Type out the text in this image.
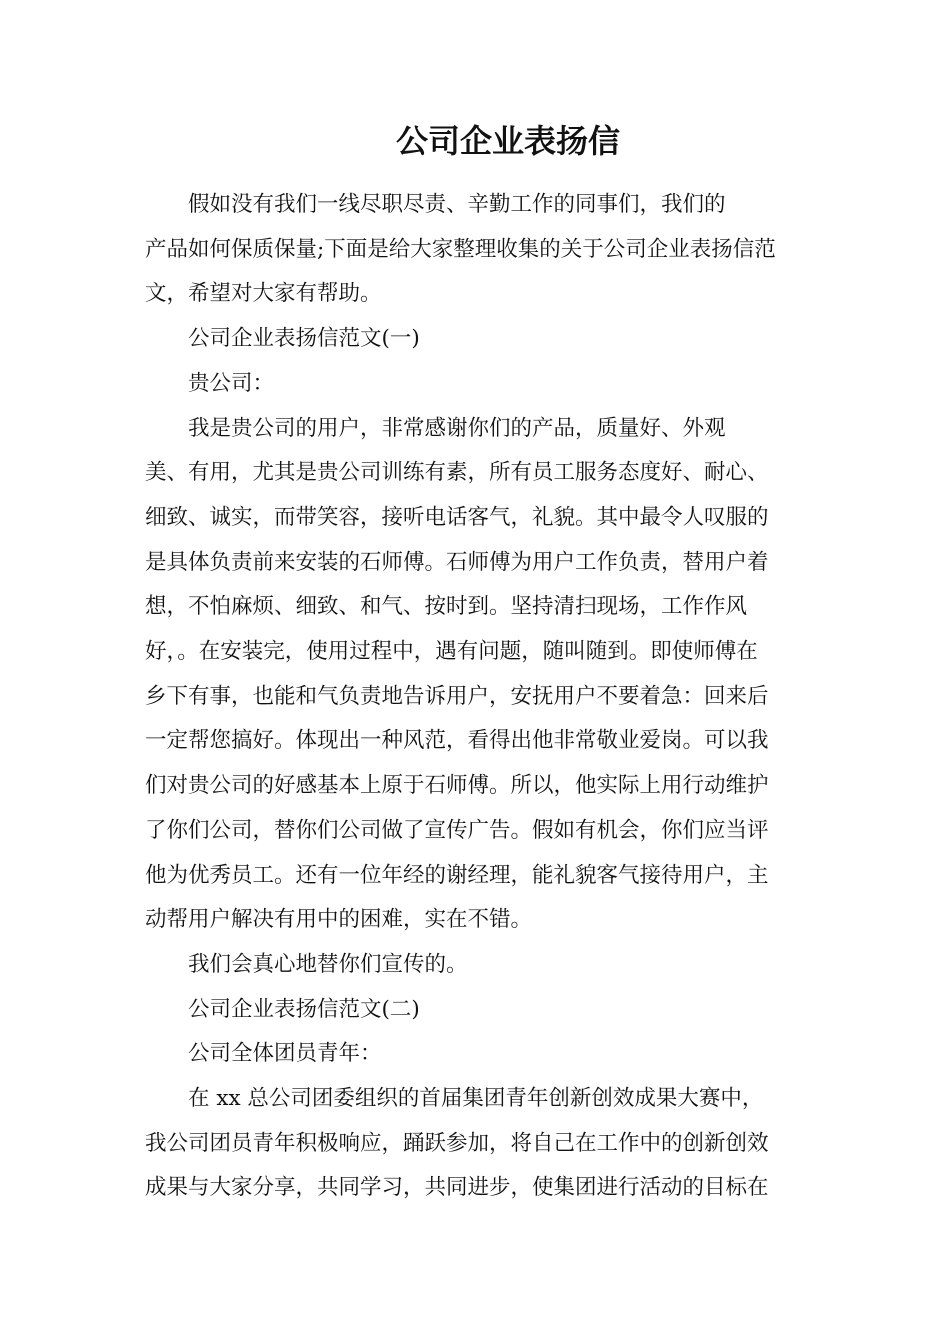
公司企业表扬信
假如没有我们一线尽职尽责、辛勤工作的同事们，我们的
产品如何保质保量;下面是给大家整理收集的关于公司企业表扬信范
文，希望对大家有帮助。
公司企业表扬信范文(一)
贵公司：
我是贵公司的用户，非常感谢你们的产品，质量好、外观
美、有用，尤其是贵公司训练有素，所有员工服务态度好、耐心、
细致、诚实，而带笑容，接听电话客气，礼貌。其中最令人叹服的
是具体负责前来安装的石师傅。石师傅为用户工作负责，替用户着
想，不怕麻烦、细致、和气、按时到。坚持清扫现场，工作作风
好，。在安装完，使用过程中，遇有问题，随叫随到。即使师傅在
乡下有事，也能和气负责地告诉用户，安抚用户不要着急：回来后
一定帮您搞好。体现出一种风范，看得出他非常敬业爱岗。可以我
们对贵公司的好感基本上原于石师傅。所以，他实际上用行动维护
了你们公司，替你们公司做了宣传广告。假如有机会，你们应当评
他为优秀员工。还有一位年经的谢经理，能礼貌客气接待用户，主
动帮用户解决有用中的困难，实在不错。
我们会真心地替你们宣传的。
公司企业表扬信范文(二)
公司全体团员青年：
在 xx 总公司团委组织的首届集团青年创新创效成果大赛中，
我公司团员青年积极响应，踊跃参加，将自己在工作中的创新创效
成果与大家分享，共同学习，共同进步，使集团进行活动的目标在
